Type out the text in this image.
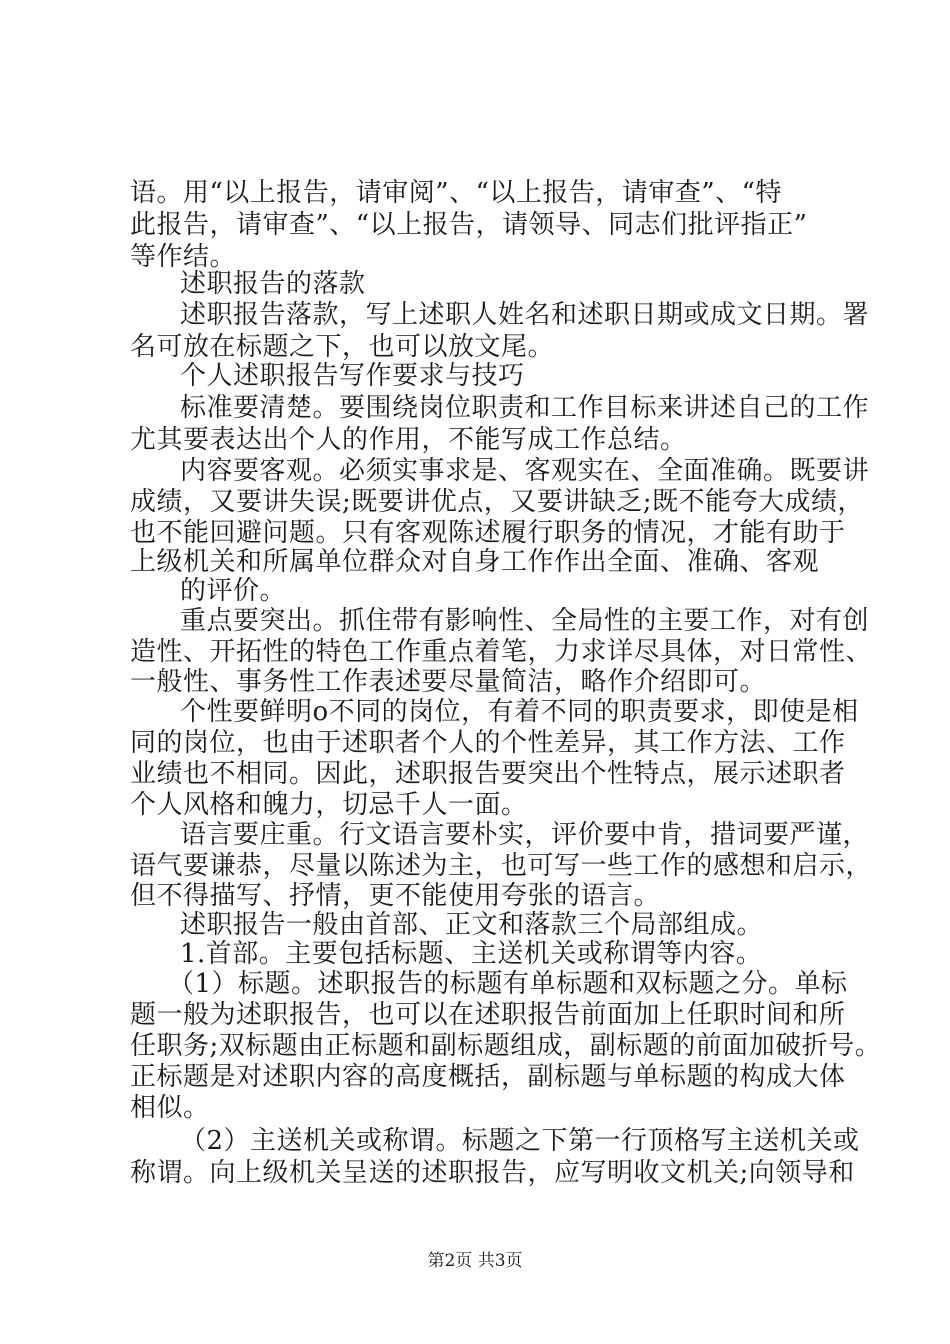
语。用“以上报告，请审阅”、“以上报告，请审查”、“特
此报告，请审查”、“以上报告，请领导、同志们批评指正”
等作结。
述职报告的落款
述职报告落款，写上述职人姓名和述职日期或成文日期。署
名可放在标题之下，也可以放文尾。
个人述职报告写作要求与技巧
标准要清楚。要围绕岗位职责和工作目标来讲述自己的工作
尤其要表达出个人的作用，不能写成工作总结。
内容要客观。必须实事求是、客观实在、全面准确。既要讲
成绩，又要讲失误;既要讲优点，又要讲缺乏;既不能夸大成绩，
也不能回避问题。只有客观陈述履行职务的情况，才能有助于
上级机关和所属单位群众对自身工作作出全面、准确、客观
的评价。
重点要突出。抓住带有影响性、全局性的主要工作，对有创
造性、开拓性的特色工作重点着笔，力求详尽具体，对日常性、
一般性、事务性工作表述要尽量简洁，略作介绍即可。
个性要鲜明o不同的岗位，有着不同的职责要求，即使是相
同的岗位，也由于述职者个人的个性差异，其工作方法、工作
业绩也不相同。因此，述职报告要突出个性特点，展示述职者
个人风格和魄力，切忌千人一面。
语言要庄重。行文语言要朴实，评价要中肯，措词要严谨，
语气要谦恭，尽量以陈述为主，也可写一些工作的感想和启示，
但不得描写、抒情，更不能使用夸张的语言。
述职报告一般由首部、正文和落款三个局部组成。
1.首部。主要包括标题、主送机关或称谓等内容。
（1）标题。述职报告的标题有单标题和双标题之分。单标
题一般为述职报告，也可以在述职报告前面加上任职时间和所
任职务;双标题由正标题和副标题组成，副标题的前面加破折号。
正标题是对述职内容的高度概括，副标题与单标题的构成大体
相似。
（2）主送机关或称谓。标题之下第一行顶格写主送机关或
称谓。向上级机关呈送的述职报告，应写明收文机关;向领导和
第2页 共3页
